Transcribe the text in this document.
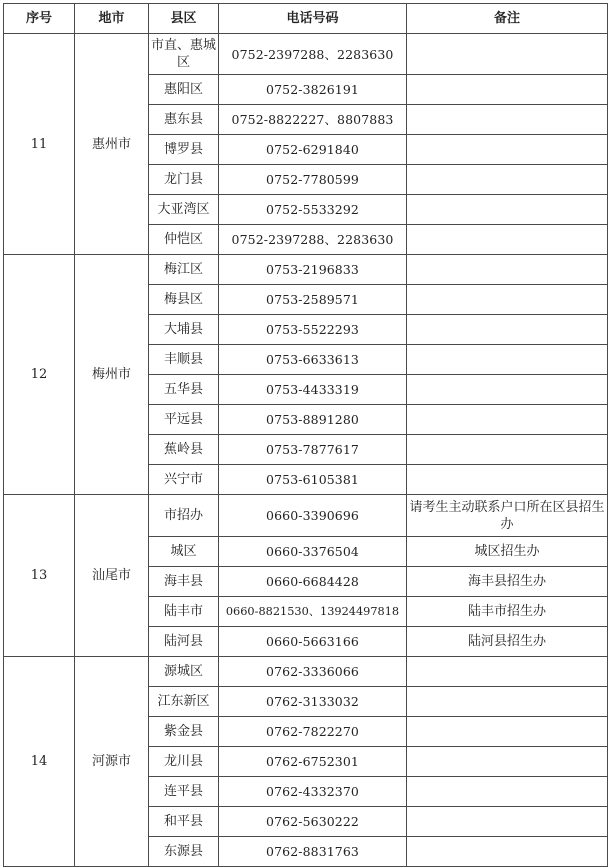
序号	地市	县区	电话号码	备注
11	惠州市	市直、惠城区	0752-2397288、2283630	
		惠阳区	0752-3826191	
		惠东县	0752-8822227、8807883	
		博罗县	0752-6291840	
		龙门县	0752-7780599	
		大亚湾区	0752-5533292	
		仲恺区	0752-2397288、2283630	
12	梅州市	梅江区	0753-2196833	
		梅县区	0753-2589571	
		大埔县	0753-5522293	
		丰顺县	0753-6633613	
		五华县	0753-4433319	
		平远县	0753-8891280	
		蕉岭县	0753-7877617	
		兴宁市	0753-6105381	
13	汕尾市	市招办	0660-3390696	请考生主动联系户口所在区县招生办
		城区	0660-3376504	城区招生办
		海丰县	0660-6684428	海丰县招生办
		陆丰市	0660-8821530、13924497818	陆丰市招生办
		陆河县	0660-5663166	陆河县招生办
14	河源市	源城区	0762-3336066	
		江东新区	0762-3133032	
		紫金县	0762-7822270	
		龙川县	0762-6752301	
		连平县	0762-4332370	
		和平县	0762-5630222	
		东源县	0762-8831763	
